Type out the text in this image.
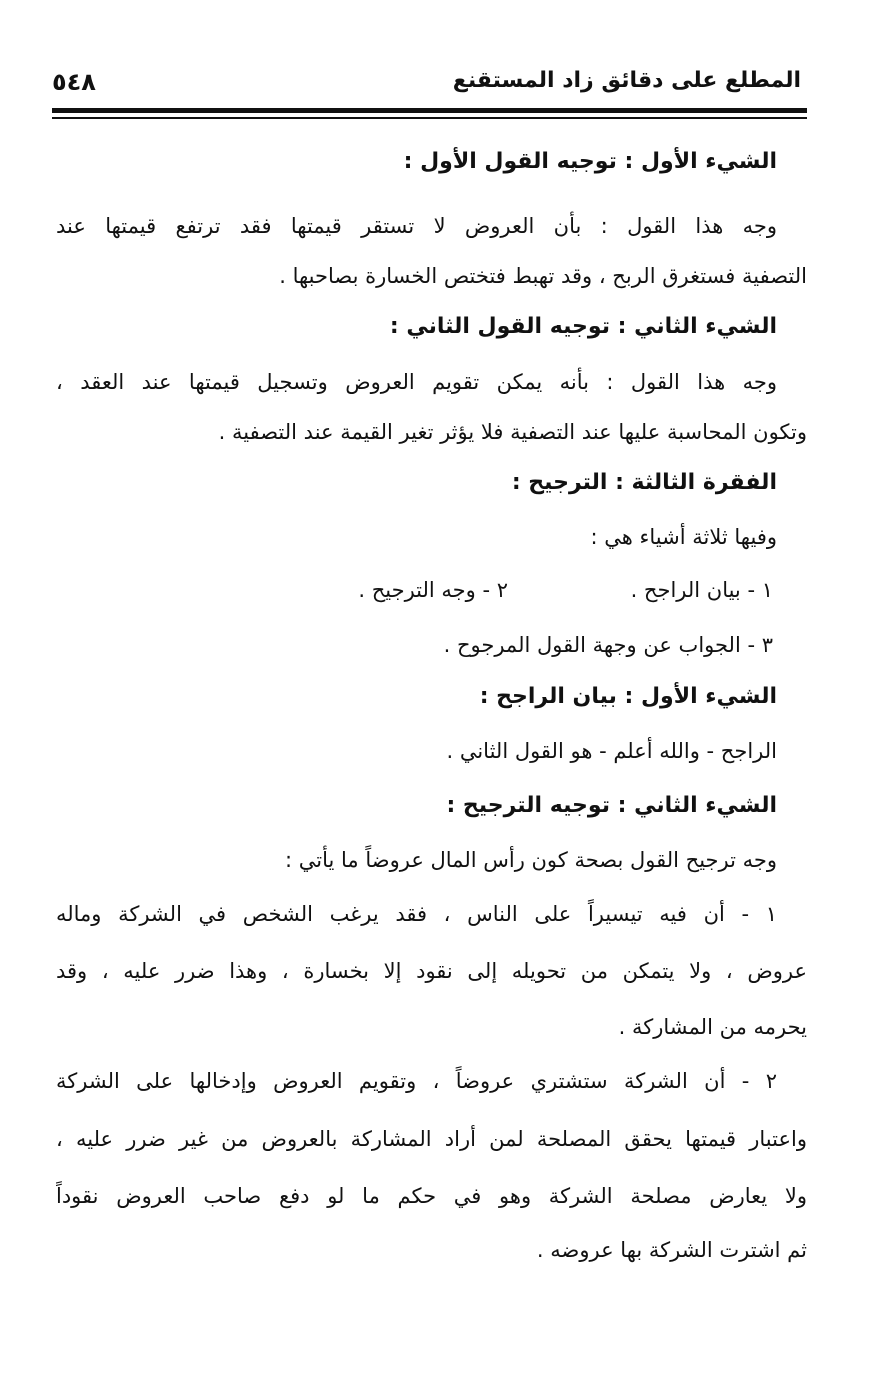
المطلع على دقائق زاد المستقنع
٥٤٨
الشيء الأول : توجيه القول الأول :
وجه هذا القول : بأن العروض لا تستقر قيمتها فقد ترتفع قيمتها عند
التصفية فستغرق الربح ، وقد تهبط فتختص الخسارة بصاحبها .
الشيء الثاني : توجيه القول الثاني :
وجه هذا القول : بأنه يمكن تقويم العروض وتسجيل قيمتها عند العقد ،
وتكون المحاسبة عليها عند التصفية فلا يؤثر تغير القيمة عند التصفية .
الفقرة الثالثة : الترجيح :
وفيها ثلاثة أشياء هي :
١ - بيان الراجح .
٢ - وجه الترجيح .
٣ - الجواب عن وجهة القول المرجوح .
الشيء الأول : بيان الراجح :
الراجح - والله أعلم - هو القول الثاني .
الشيء الثاني : توجيه الترجيح :
وجه ترجيح القول بصحة كون رأس المال عروضاً ما يأتي :
١ - أن فيه تيسيراً على الناس ، فقد يرغب الشخص في الشركة وماله
عروض ، ولا يتمكن من تحويله إلى نقود إلا بخسارة ، وهذا ضرر عليه ، وقد
يحرمه من المشاركة .
٢ - أن الشركة ستشتري عروضاً ، وتقويم العروض وإدخالها على الشركة
واعتبار قيمتها يحقق المصلحة لمن أراد المشاركة بالعروض من غير ضرر عليه ،
ولا يعارض مصلحة الشركة وهو في حكم ما لو دفع صاحب العروض نقوداً
ثم اشترت الشركة بها عروضه .
